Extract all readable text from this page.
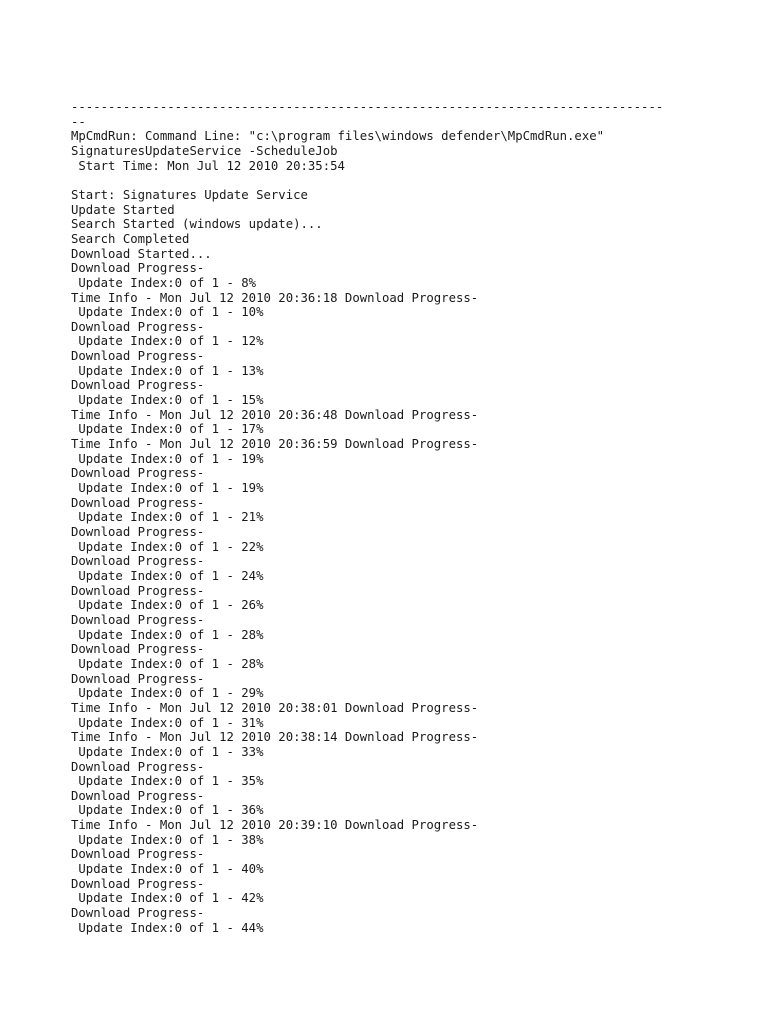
--------------------------------------------------------------------------------
--
MpCmdRun: Command Line: "c:\program files\windows defender\MpCmdRun.exe"
SignaturesUpdateService -ScheduleJob
Start Time: Mon Jul 12 2010 20:35:54
Start: Signatures Update Service
Update Started
Search Started (windows update)...
Search Completed
Download Started...
Download Progress-
Update Index:0 of 1 - 8%
Time Info - Mon Jul 12 2010 20:36:18 Download Progress-
Update Index:0 of 1 - 10%
Download Progress-
Update Index:0 of 1 - 12%
Download Progress-
Update Index:0 of 1 - 13%
Download Progress-
Update Index:0 of 1 - 15%
Time Info - Mon Jul 12 2010 20:36:48 Download Progress-
Update Index:0 of 1 - 17%
Time Info - Mon Jul 12 2010 20:36:59 Download Progress-
Update Index:0 of 1 - 19%
Download Progress-
Update Index:0 of 1 - 19%
Download Progress-
Update Index:0 of 1 - 21%
Download Progress-
Update Index:0 of 1 - 22%
Download Progress-
Update Index:0 of 1 - 24%
Download Progress-
Update Index:0 of 1 - 26%
Download Progress-
Update Index:0 of 1 - 28%
Download Progress-
Update Index:0 of 1 - 28%
Download Progress-
Update Index:0 of 1 - 29%
Time Info - Mon Jul 12 2010 20:38:01 Download Progress-
Update Index:0 of 1 - 31%
Time Info - Mon Jul 12 2010 20:38:14 Download Progress-
Update Index:0 of 1 - 33%
Download Progress-
Update Index:0 of 1 - 35%
Download Progress-
Update Index:0 of 1 - 36%
Time Info - Mon Jul 12 2010 20:39:10 Download Progress-
Update Index:0 of 1 - 38%
Download Progress-
Update Index:0 of 1 - 40%
Download Progress-
Update Index:0 of 1 - 42%
Download Progress-
Update Index:0 of 1 - 44%
